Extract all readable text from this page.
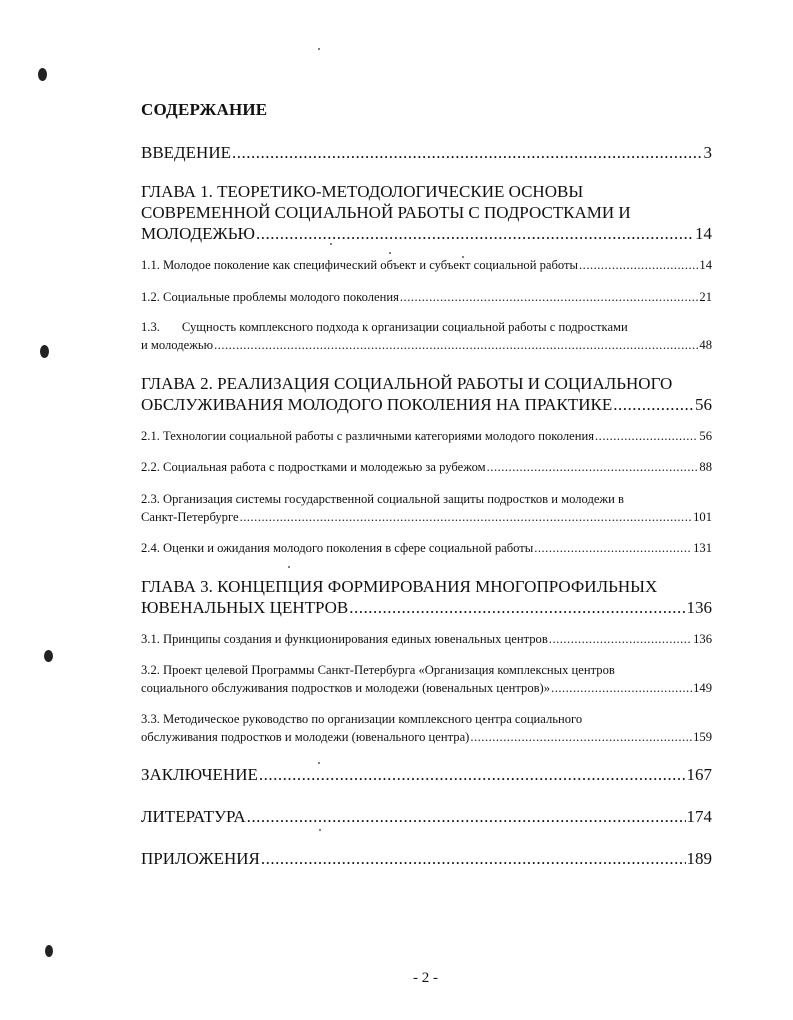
СОДЕРЖАНИЕ
ВВЕДЕНИЕ .....	3
ГЛАВА 1. ТЕОРЕТИКО-МЕТОДОЛОГИЧЕСКИЕ ОСНОВЫ
СОВРЕМЕННОЙ СОЦИАЛЬНОЙ РАБОТЫ С ПОДРОСТКАМИ И
МОЛОДЕЖЬЮ .....	14
1.1. Молодое поколение как специфический объект и субъект социальной работы .....	14
1.2. Социальные проблемы молодого поколения .....	21
1.3. Сущность комплексного подхода к организации социальной работы с подростками
и молодежью .....	48
ГЛАВА 2. РЕАЛИЗАЦИЯ СОЦИАЛЬНОЙ РАБОТЫ И СОЦИАЛЬНОГО
ОБСЛУЖИВАНИЯ МОЛОДОГО ПОКОЛЕНИЯ НА ПРАКТИКЕ .....	56
2.1. Технологии социальной работы с различными категориями молодого поколения .....	56
2.2. Социальная работа с подростками и молодежью за рубежом .....	88
2.3. Организация системы государственной социальной защиты подростков и молодежи в
Санкт-Петербурге .....	101
2.4. Оценки и ожидания молодого поколения в сфере социальной работы .....	131
ГЛАВА 3. КОНЦЕПЦИЯ ФОРМИРОВАНИЯ МНОГОПРОФИЛЬНЫХ
ЮВЕНАЛЬНЫХ ЦЕНТРОВ .....	136
3.1. Принципы создания и функционирования единых ювенальных центров .....	136
3.2. Проект целевой Программы Санкт-Петербурга «Организация комплексных центров
социального обслуживания подростков и молодежи (ювенальных центров)» .....	149
3.3. Методическое руководство по организации комплексного центра социального
обслуживания подростков и молодежи (ювенального центра) .....	159
ЗАКЛЮЧЕНИЕ .....	167
ЛИТЕРАТУРА .....	174
ПРИЛОЖЕНИЯ .....	189
- 2 -
